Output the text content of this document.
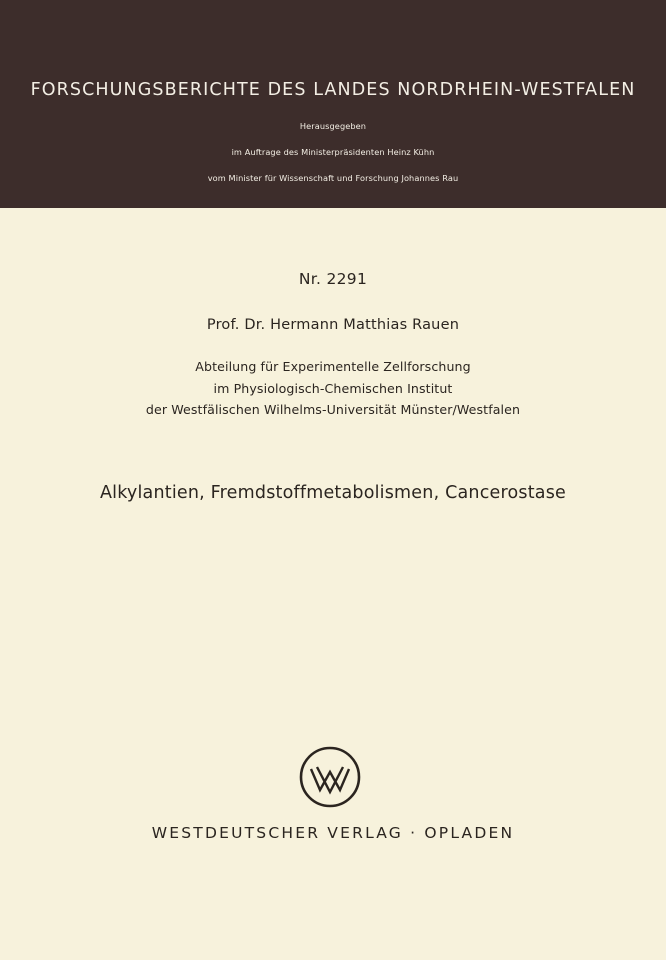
FORSCHUNGSBERICHTE DES LANDES NORDRHEIN-WESTFALEN
Herausgegeben
im Auftrage des Ministerpräsidenten Heinz Kühn
vom Minister für Wissenschaft und Forschung Johannes Rau
Nr. 2291
Prof. Dr. Hermann Matthias Rauen
Abteilung für Experimentelle Zellforschung
im Physiologisch-Chemischen Institut
der Westfälischen Wilhelms-Universität Münster/Westfalen
Alkylantien, Fremdstoffmetabolismen, Cancerostase
WESTDEUTSCHER VERLAG · OPLADEN
